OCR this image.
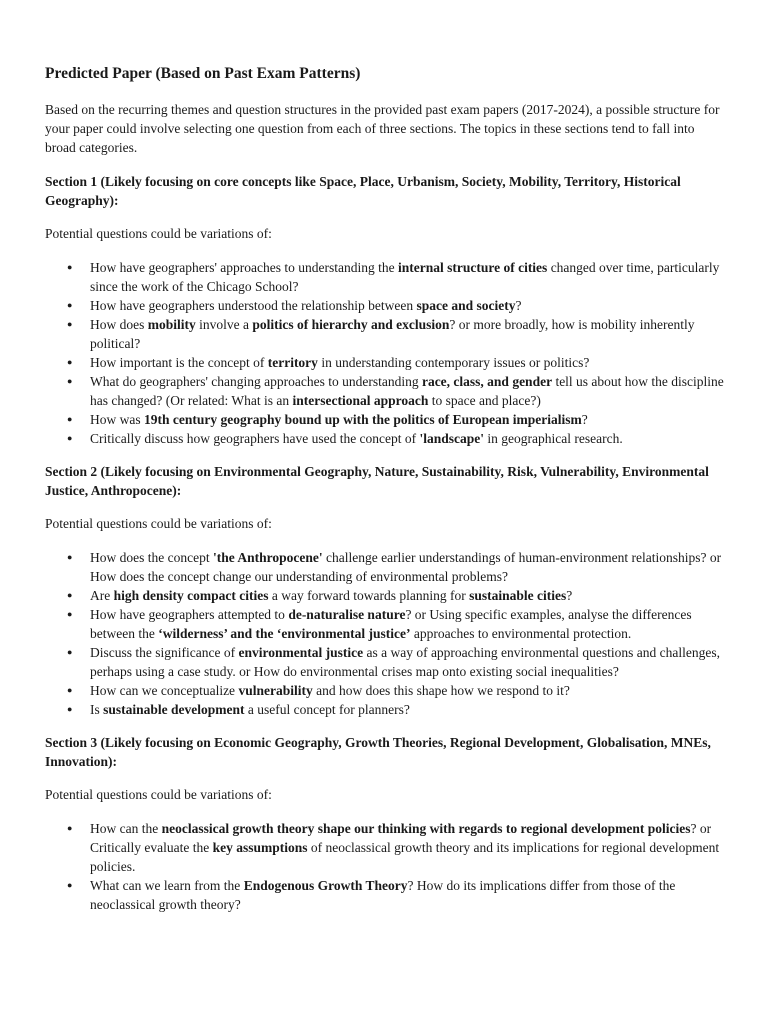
Predicted Paper (Based on Past Exam Patterns)

Based on the recurring themes and question structures in the provided past exam papers (2017-2024), a possible structure for your paper could involve selecting one question from each of three sections. The topics in these sections tend to fall into broad categories.

Section 1 (Likely focusing on core concepts like Space, Place, Urbanism, Society, Mobility, Territory, Historical Geography):

Potential questions could be variations of:

● How have geographers' approaches to understanding the internal structure of cities changed over time, particularly since the work of the Chicago School?
● How have geographers understood the relationship between space and society?
● How does mobility involve a politics of hierarchy and exclusion? or more broadly, how is mobility inherently political?
● How important is the concept of territory in understanding contemporary issues or politics?
● What do geographers' changing approaches to understanding race, class, and gender tell us about how the discipline has changed? (Or related: What is an intersectional approach to space and place?)
● How was 19th century geography bound up with the politics of European imperialism?
● Critically discuss how geographers have used the concept of 'landscape' in geographical research.

Section 2 (Likely focusing on Environmental Geography, Nature, Sustainability, Risk, Vulnerability, Environmental Justice, Anthropocene):

Potential questions could be variations of:

● How does the concept 'the Anthropocene' challenge earlier understandings of human-environment relationships? or How does the concept change our understanding of environmental problems?
● Are high density compact cities a way forward towards planning for sustainable cities?
● How have geographers attempted to de-naturalise nature? or Using specific examples, analyse the differences between the ‘wilderness’ and the ‘environmental justice’ approaches to environmental protection.
● Discuss the significance of environmental justice as a way of approaching environmental questions and challenges, perhaps using a case study. or How do environmental crises map onto existing social inequalities?
● How can we conceptualize vulnerability and how does this shape how we respond to it?
● Is sustainable development a useful concept for planners?

Section 3 (Likely focusing on Economic Geography, Growth Theories, Regional Development, Globalisation, MNEs, Innovation):

Potential questions could be variations of:

● How can the neoclassical growth theory shape our thinking with regards to regional development policies? or Critically evaluate the key assumptions of neoclassical growth theory and its implications for regional development policies.
● What can we learn from the Endogenous Growth Theory? How do its implications differ from those of the neoclassical growth theory?
